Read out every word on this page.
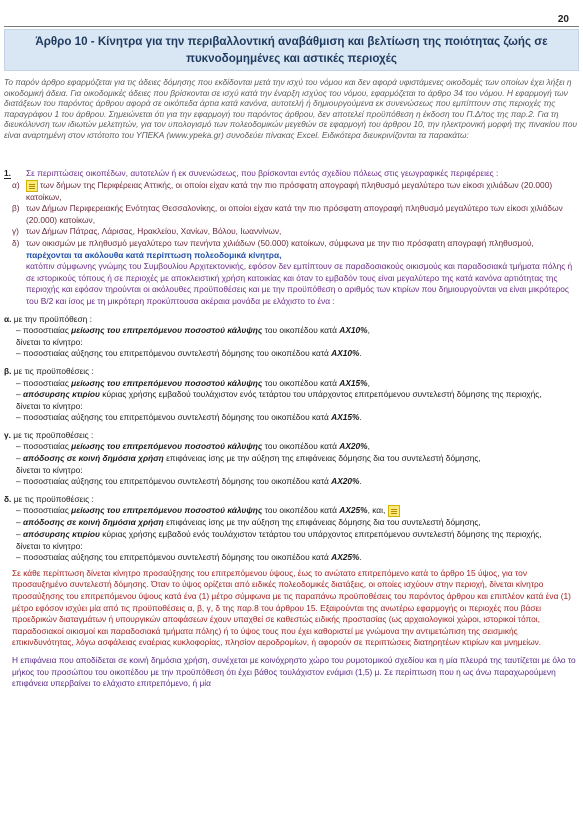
20
Άρθρο 10 - Κίνητρα για την περιβαλλοντική αναβάθμιση και βελτίωση της ποιότητας ζωής σε
πυκνοδομημένες και αστικές περιοχές
Το παρόν άρθρο εφαρμόζεται για τις άδειες δόμησης που εκδίδονται μετά την ισχύ του νόμου και δεν αφορά υφιστάμενες οικοδομές των οποίων έχει λήξει η οικοδομική άδεια. Για οικοδομικές άδειες που βρίσκονται σε ισχύ κατά την έναρξη ισχύος του νόμου, εφαρμόζεται το άρθρο 34 του νόμου. Η εφαρμογή των διατάξεων του παρόντος άρθρου αφορά σε οικόπεδα άρτια κατά κανόνα, αυτοτελή ή δημιουργούμενα εκ συνενώσεως που εμπίπτουν στις περιοχές της παραγράφου 1 του άρθρου. Σημειώνεται ότι για την εφαρμογή του παρόντος άρθρου, δεν αποτελεί προϋπόθεση η έκδοση του Π.Δ/τος της παρ.2. Για τη διευκόλυνση των ιδιωτών μελετητών, για τον υπολογισμό των πολεοδομικών μεγεθών σε εφαρμογή του άρθρου 10, την ηλεκτρονική μορφή της πινακίου που είναι αναρτημένη στον ιστότοπο του ΥΠΕΚΑ (www.ypeka.gr) συνοδεύει πίνακας Excel. Ειδικότερα διευκρινίζονται τα παρακάτω:
1.	Σε περιπτώσεις οικοπέδων, αυτοτελών ή εκ συνενώσεως, που βρίσκονται εντός σχεδίου πόλεως στις γεωγραφικές περιφέρειες :
α)	των δήμων της Περιφέρειας Αττικής, οι οποίοι είχαν κατά την πιο πρόσφατη απογραφή πληθυσμό μεγαλύτερο των είκοσι χιλιάδων (20.000) κατοίκων,
β) των Δήμων Περιφερειακής Ενότητας Θεσσαλονίκης, οι οποίοι είχαν κατά την πιο πρόσφατη απογραφή πληθυσμό μεγαλύτερο των είκοσι χιλιάδων (20.000) κατοίκων,
γ) των Δήμων Πάτρας, Λάρισας, Ηρακλείου, Χανίων, Βόλου, Ιωαννίνων,
δ) των οικισμών με πληθυσμό μεγαλύτερο των πενήντα χιλιάδων (50.000) κατοίκων, σύμφωνα με την πιο πρόσφατη απογραφή πληθυσμού,
παρέχονται τα ακόλουθα κατά περίπτωση πολεοδομικά κίνητρα,
κατόπιν σύμφωνης γνώμης του Συμβουλίου Αρχιτεκτονικής, εφόσον δεν εμπίπτουν σε παραδοσιακούς οικισμούς και παραδοσιακά τμήματα πόλης ή σε ιστορικούς τόπους ή σε περιοχές με αποκλειστική χρήση κατοικίας και όταν το εμβαδόν τους είναι μεγαλύτερο της κατά κανόνα αρτιότητας της περιοχής και εφόσον τηρούνται οι ακόλουθες προϋποθέσεις και με την προϋπόθεση ο αριθμός των κτιρίων που δημιουργούνται να είναι μικρότερος του Β/2 και ίσος με τη μικρότερη προκύπτουσα ακέραια μονάδα με ελάχιστο το ένα :
α. με την προϋπόθεση :
– ποσοστιαίας μείωσης του επιτρεπόμενου ποσοστού κάλυψης του οικοπέδου κατά ΑΧ10%,
δίνεται το κίνητρο:
– ποσοστιαίας αύξησης του επιτρεπόμενου συντελεστή δόμησης του οικοπέδου κατά ΑΧ10%.
β. με τις προϋποθέσεις :
– ποσοστιαίας μείωσης του επιτρεπόμενου ποσοστού κάλυψης του οικοπέδου κατά ΑΧ15%,
– απόσυρσης κτιρίου κύριας χρήσης εμβαδού τουλάχιστον ενός τετάρτου του υπάρχοντος επιτρεπόμενου συντελεστή δόμησης της περιοχής,
δίνεται το κίνητρο:
– ποσοστιαίας αύξησης του επιτρεπόμενου συντελεστή δόμησης του οικοπέδου κατά ΑΧ15%.
γ. με τις προϋποθέσεις :
– ποσοστιαίας μείωσης του επιτρεπόμενου ποσοστού κάλυψης του οικοπέδου κατά ΑΧ20%,
– απόδοσης σε κοινή δημόσια χρήση επιφάνειας ίσης με την αύξηση της επιφάνειας δόμησης δια του συντελεστή δόμησης,
δίνεται το κίνητρο:
– ποσοστιαίας αύξησης του επιτρεπόμενου συντελεστή δόμησης του οικοπέδου κατά ΑΧ20%.
δ. με τις προϋποθέσεις :
– ποσοστιαίας μείωσης του επιτρεπόμενου ποσοστού κάλυψης του οικοπέδου κατά ΑΧ25%, και,
– απόδοσης σε κοινή δημόσια χρήση επιφάνειας ίσης με την αύξηση της επιφάνειας δόμησης δια του συντελεστή δόμησης,
– απόσυρσης κτιρίου κύριας χρήσης εμβαδού ενός τουλάχιστον τετάρτου του υπάρχοντος επιτρεπόμενου συντελεστή δόμησης της περιοχής,
δίνεται το κίνητρο:
– ποσοστιαίας αύξησης του επιτρεπόμενου συντελεστή δόμησης του οικοπέδου κατά ΑΧ25%.
Σε κάθε περίπτωση δίνεται κίνητρο προσαύξησης του επιτρεπόμενου ύψους, έως το ανώτατο επιτρεπόμενο κατά το άρθρο 15 ύψος, για τον προσαυξημένο συντελεστή δόμησης. Όταν το ύψος ορίζεται από ειδικές πολεοδομικές διατάξεις, οι οποίες ισχύουν στην περιοχή, δίνεται κίνητρο προσαύξησης του επιτρεπόμενου ύψους κατά ένα (1) μέτρο σύμφωνα με τις παραπάνω προϋποθέσεις του παρόντος άρθρου και επιπλέον κατά ένα (1) μέτρο εφόσον ισχύει μία από τις προϋποθέσεις α, β, γ, δ της παρ.8 του άρθρου 15. Εξαιρούνται της ανωτέρω εφαρμογής οι περιοχές που βάσει προεδρικών διαταγμάτων ή υπουργικών αποφάσεων έχουν υπαχθεί σε καθεστώς ειδικής προστασίας (ως αρχαιολογικοί χώροι, ιστορικοί τόποι, παραδοσιακοί οικισμοί και παραδοσιακά τμήματα πόλης) ή το ύψος τους που έχει καθοριστεί με γνώμονα την αντιμετώπιση της σεισμικής επικινδυνότητας, λόγω ασφάλειας εναέριας κυκλοφορίας, πλησίον αεροδρομίων, ή αφορούν σε περιπτώσεις διατηρητέων κτιρίων και μνημείων.
Η επιφάνεια που αποδίδεται σε κοινή δημόσια χρήση, συνέχεται με κοινόχρηστο χώρο του ρυμοτομικού σχεδίου και η μία πλευρά της ταυτίζεται με όλο το μήκος του προσώπου του οικοπέδου με την προϋπόθεση ότι έχει βάθος τουλάχιστον ενάμισι (1,5) μ. Σε περίπτωση που η ως άνω παραχωρούμενη επιφάνεια υπερβαίνει το ελάχιστο επιτρεπόμενο, ή μία
